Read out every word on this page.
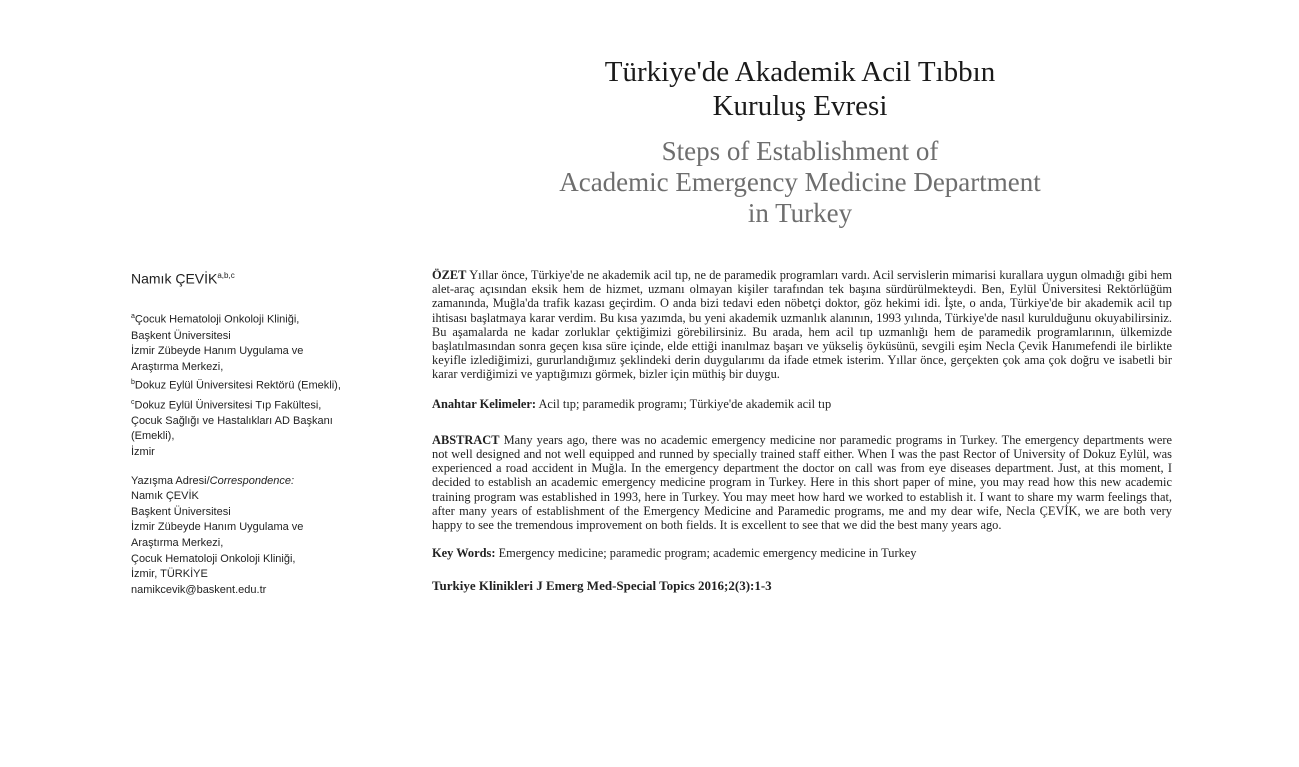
Türkiye'de Akademik Acil Tıbbın
Kuruluş Evresi
Steps of Establishment of
Academic Emergency Medicine Department
in Turkey
Namık ÇEVİK$^{a,b,c}$
$^a$Çocuk Hematoloji Onkoloji Kliniği,
Başkent Üniversitesi
İzmir Zübeyde Hanım Uygulama ve
Araştırma Merkezi,
$^b$Dokuz Eylül Üniversitesi Rektörü (Emekli),
$^c$Dokuz Eylül Üniversitesi Tıp Fakültesi,
Çocuk Sağlığı ve Hastalıkları AD Başkanı
(Emekli),
İzmir
Yazışma Adresi/Correspondence:
Namık ÇEVİK
Başkent Üniversitesi
İzmir Zübeyde Hanım Uygulama ve
Araştırma Merkezi,
Çocuk Hematoloji Onkoloji Kliniği,
İzmir, TÜRKİYE
namikcevik@baskent.edu.tr

ÖZET Yıllar önce, Türkiye'de ne akademik acil tıp, ne de paramedik programları vardı. Acil servislerin mimarisi kurallara uygun olmadığı gibi hem alet-araç açısından eksik hem de hizmet, uzmanı olmayan kişiler tarafından tek başına sürdürülmekteydi. Ben, Eylül Üniversitesi Rektörlüğüm zamanında, Muğla'da trafik kazası geçirdim. O anda bizi tedavi eden nöbetçi doktor, göz hekimi idi. İşte, o anda, Türkiye'de bir akademik acil tıp ihtisası başlatmaya karar verdim. Bu kısa yazımda, bu yeni akademik uzmanlık alanının, 1993 yılında, Türkiye'de nasıl kurulduğunu okuyabilirsiniz. Bu aşamalarda ne kadar zorluklar çektiğimizi görebilirsiniz. Bu arada, hem acil tıp uzmanlığı hem de paramedik programlarının, ülkemizde başlatılmasından sonra geçen kısa süre içinde, elde ettiği inanılmaz başarı ve yükseliş öyküsünü, sevgili eşim Necla Çevik Hanımefendi ile birlikte keyifle izlediğimizi, gururlandığımız şeklindeki derin duygularımı da ifade etmek isterim. Yıllar önce, gerçekten çok ama çok doğru ve isabetli bir karar verdiğimizi ve yaptığımızı görmek, bizler için müthiş bir duygu.

Anahtar Kelimeler: Acil tıp; paramedik programı; Türkiye'de akademik acil tıp

ABSTRACT Many years ago, there was no academic emergency medicine nor paramedic programs in Turkey. The emergency departments were not well designed and not well equipped and runned by specially trained staff either. When I was the past Rector of University of Dokuz Eylül, was experienced a road accident in Muğla. In the emergency department the doctor on call was from eye diseases department. Just, at this moment, I decided to establish an academic emergency medicine program in Turkey. Here in this short paper of mine, you may read how this new academic training program was established in 1993, here in Turkey. You may meet how hard we worked to establish it. I want to share my warm feelings that, after many years of establishment of the Emergency Medicine and Paramedic programs, me and my dear wife, Necla ÇEVİK, we are both very happy to see the tremendous improvement on both fields. It is excellent to see that we did the best many years ago.

Key Words: Emergency medicine; paramedic program; academic emergency medicine in Turkey

Turkiye Klinikleri J Emerg Med-Special Topics 2016;2(3):1-3
